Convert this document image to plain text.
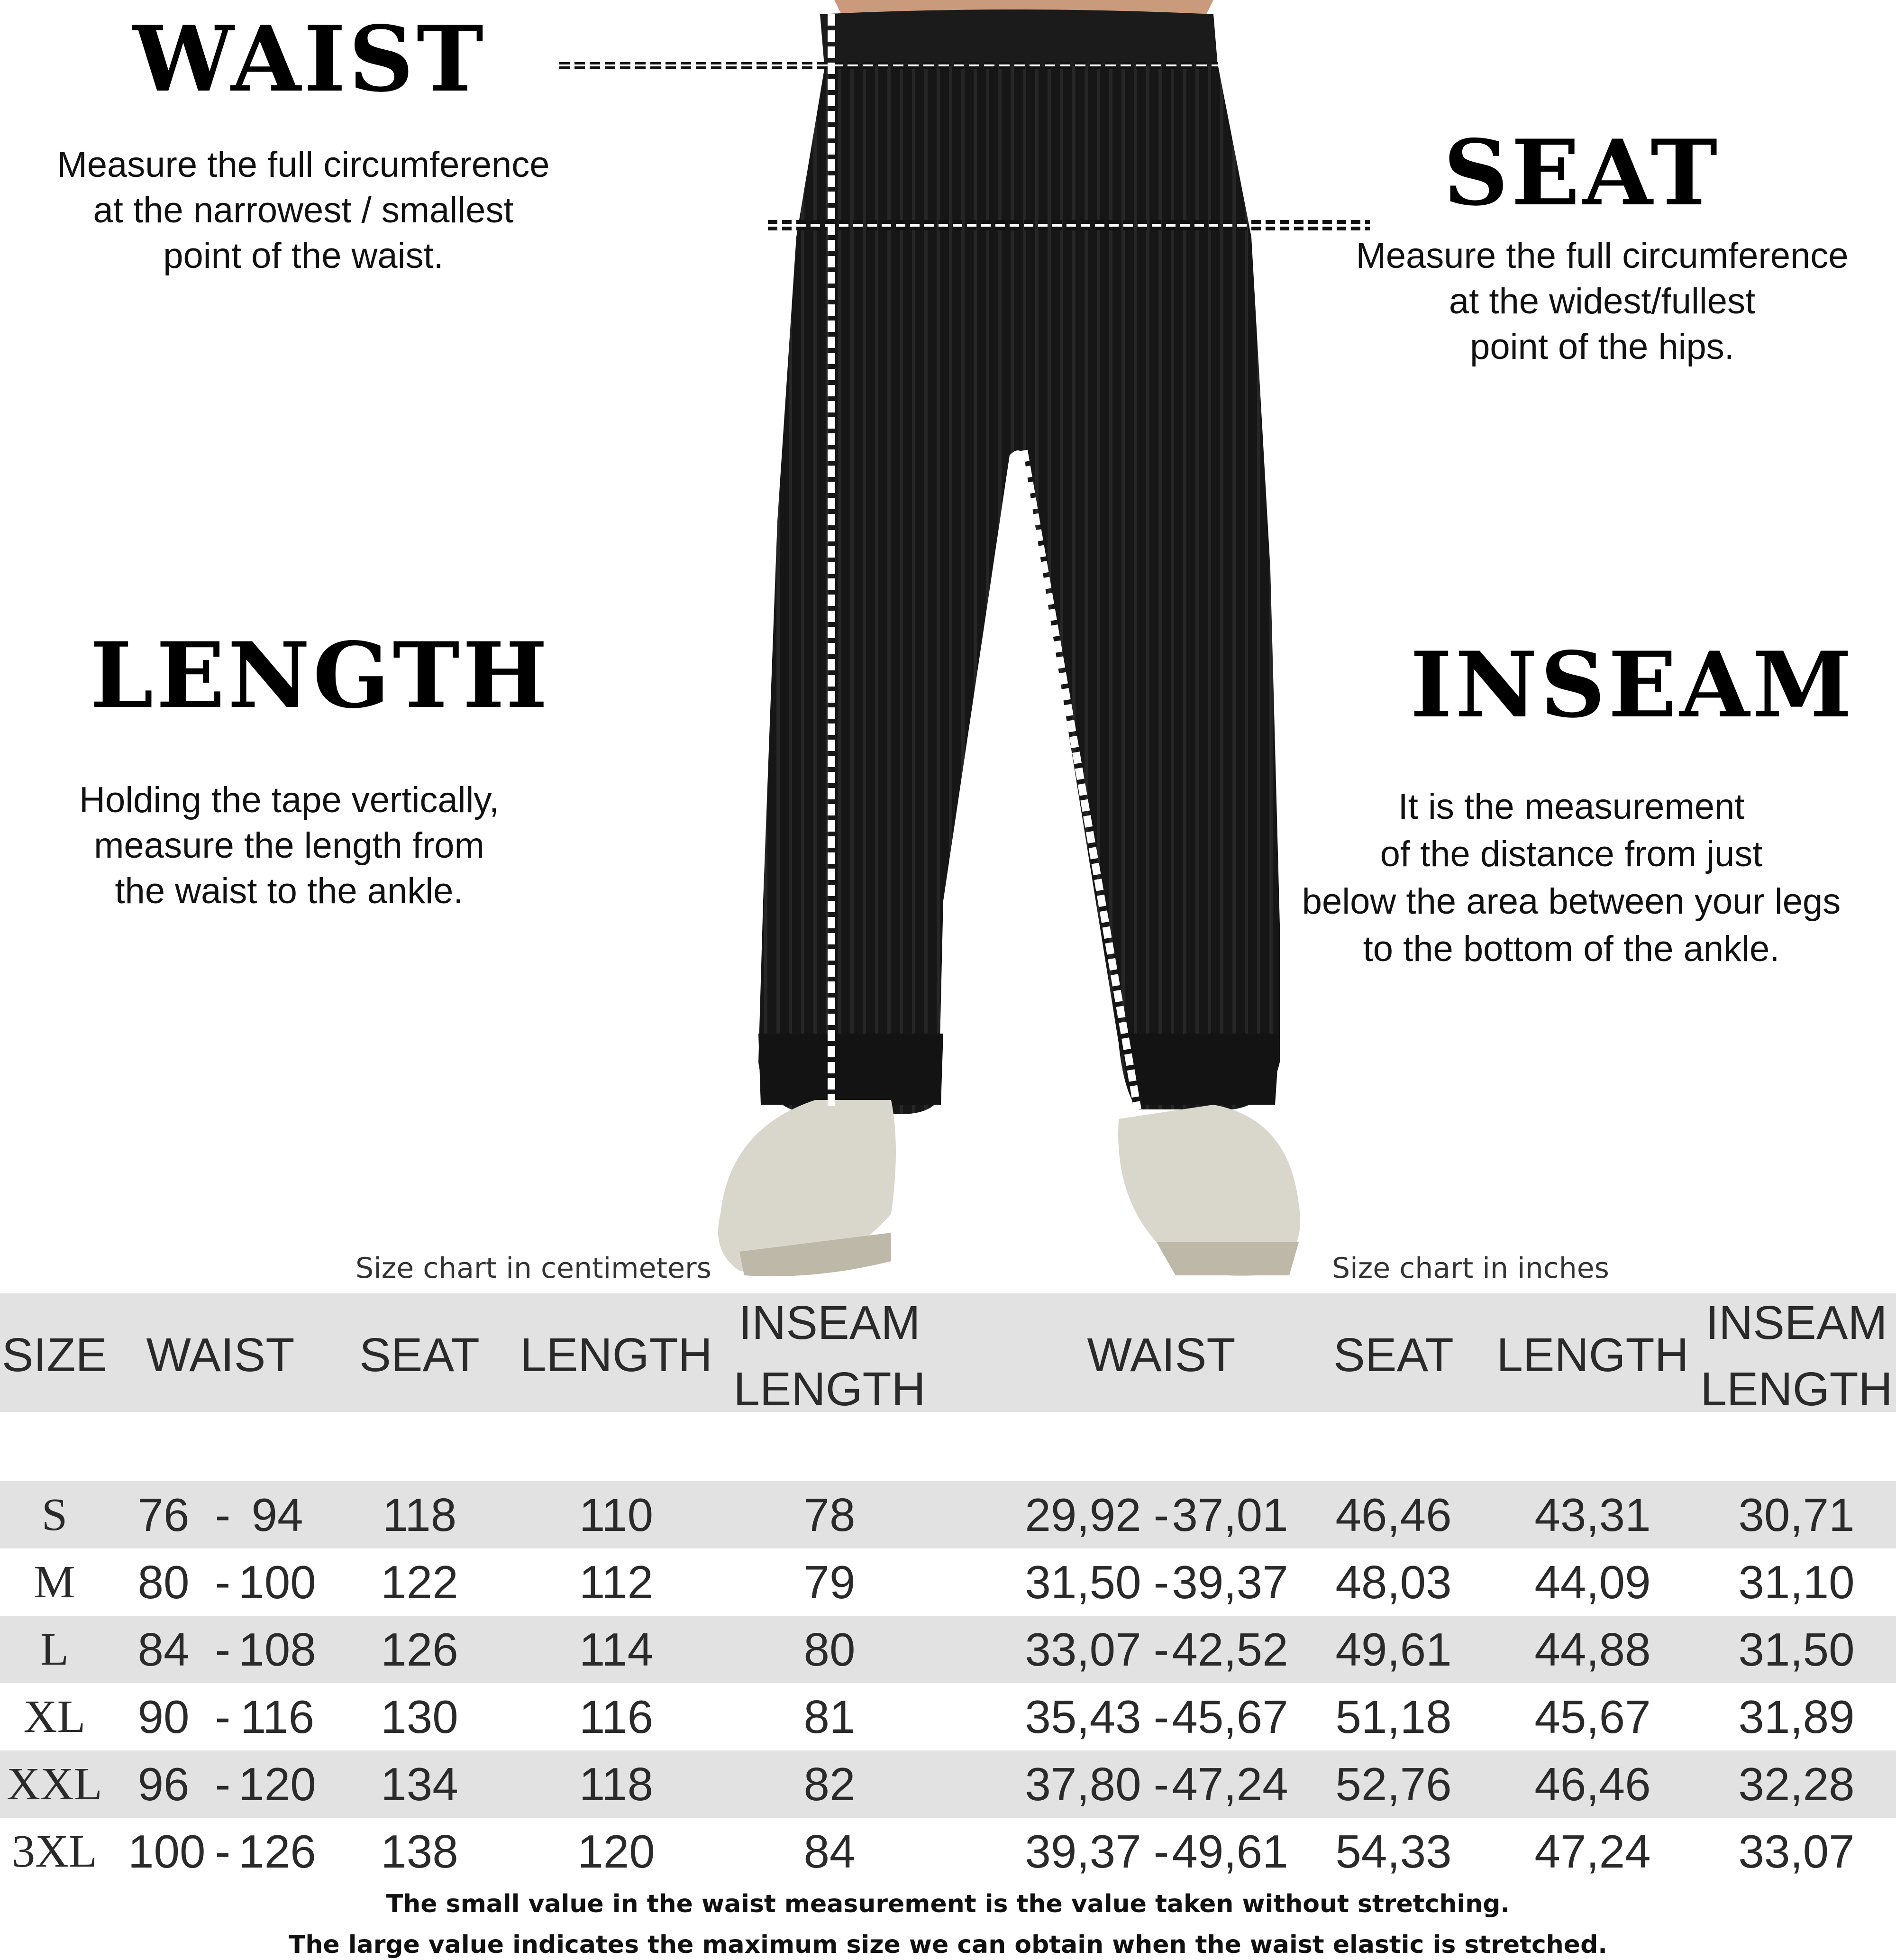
WAIST
Measure the full circumference
at the narrowest / smallest
point of the waist.
SEAT
Measure the full circumference
at the widest/fullest
point of the hips.
LENGTH
Holding the tape vertically,
measure the length from
the waist to the ankle.
INSEAM
It is the measurement
of the distance from just
below the area between your legs
to the bottom of the ankle.
Size chart in centimeters	Size chart in inches
SIZE WAIST	SEAT LENGTH
INSEAM
LENGTH
WAIST	SEAT LENGTH
INSEAM
LENGTH
S	76 - 94	118	110	78	29,92 - 37,01 46,46	43,31	30,71
M	80 - 100	122	112	79	31,50 - 39,37 48,03	44,09	31,10
L	84 - 108	126	114	80	33,07 - 42,52 49,61	44,88	31,50
XL	90 - 116	130	116	81	35,43 - 45,67 51,18	45,67	31,89
XXL 96 - 120	134	118	82	37,80 - 47,24 52,76	46,46	32,28
3XL 100 - 126	138	120	84	39,37 - 49,61 54,33	47,24	33,07
The small value in the waist measurement is the value taken without stretching.
The large value indicates the maximum size we can obtain when the waist elastic is stretched.
